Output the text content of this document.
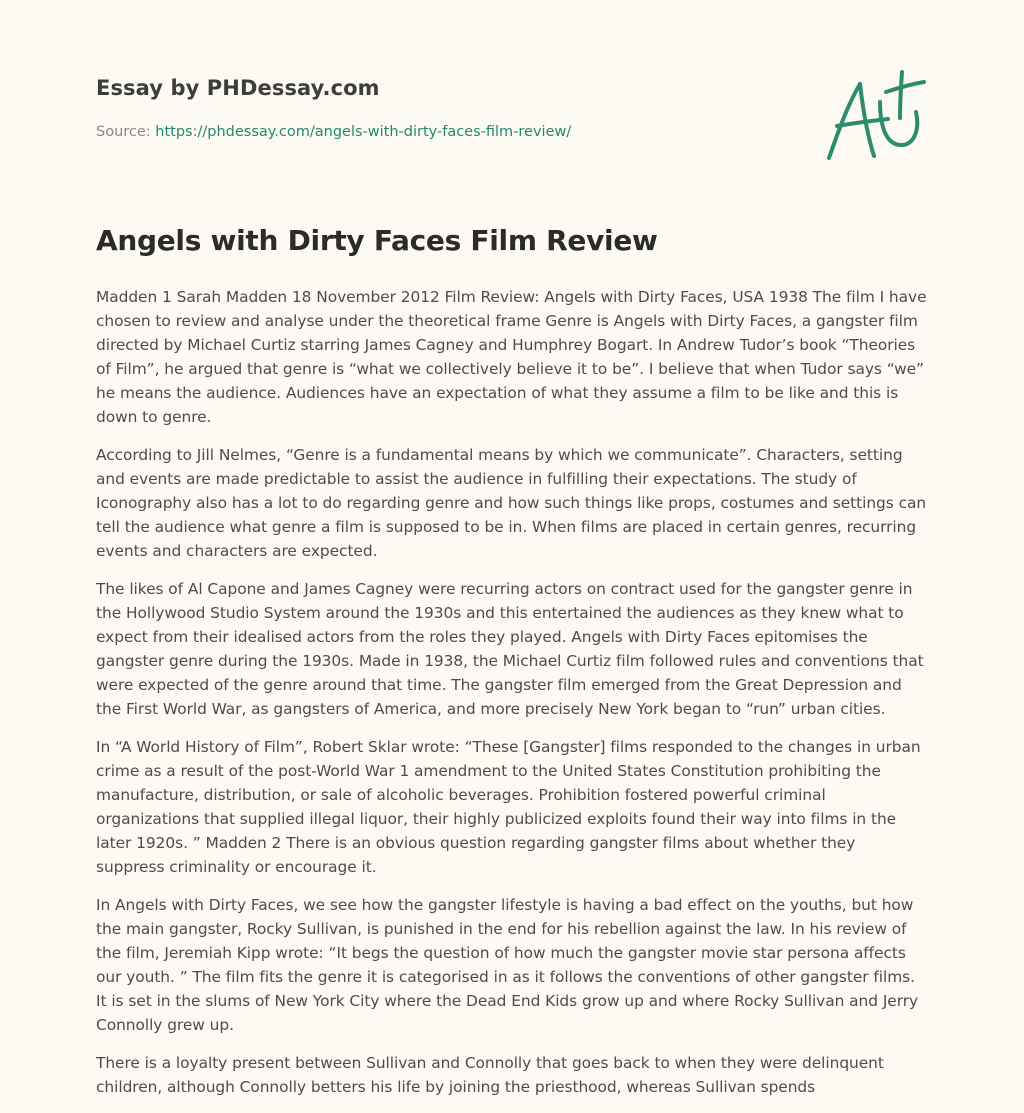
Essay by PHDessay.com
Source: https://phdessay.com/angels-with-dirty-faces-film-review/
Angels with Dirty Faces Film Review

Madden 1 Sarah Madden 18 November 2012 Film Review: Angels with Dirty Faces, USA 1938 The film I have chosen to review and analyse under the theoretical frame Genre is Angels with Dirty Faces, a gangster film directed by Michael Curtiz starring James Cagney and Humphrey Bogart. In Andrew Tudor’s book “Theories of Film”, he argued that genre is “what we collectively believe it to be”. I believe that when Tudor says “we” he means the audience. Audiences have an expectation of what they assume a film to be like and this is down to genre.

According to Jill Nelmes, “Genre is a fundamental means by which we communicate”. Characters, setting and events are made predictable to assist the audience in fulfilling their expectations. The study of Iconography also has a lot to do regarding genre and how such things like props, costumes and settings can tell the audience what genre a film is supposed to be in. When films are placed in certain genres, recurring events and characters are expected.

The likes of Al Capone and James Cagney were recurring actors on contract used for the gangster genre in the Hollywood Studio System around the 1930s and this entertained the audiences as they knew what to expect from their idealised actors from the roles they played. Angels with Dirty Faces epitomises the gangster genre during the 1930s. Made in 1938, the Michael Curtiz film followed rules and conventions that were expected of the genre around that time. The gangster film emerged from the Great Depression and the First World War, as gangsters of America, and more precisely New York began to “run” urban cities.

In “A World History of Film”, Robert Sklar wrote: “These [Gangster] films responded to the changes in urban crime as a result of the post-World War 1 amendment to the United States Constitution prohibiting the manufacture, distribution, or sale of alcoholic beverages. Prohibition fostered powerful criminal organizations that supplied illegal liquor, their highly publicized exploits found their way into films in the later 1920s. ” Madden 2 There is an obvious question regarding gangster films about whether they suppress criminality or encourage it.

In Angels with Dirty Faces, we see how the gangster lifestyle is having a bad effect on the youths, but how the main gangster, Rocky Sullivan, is punished in the end for his rebellion against the law. In his review of the film, Jeremiah Kipp wrote: “It begs the question of how much the gangster movie star persona affects our youth. ” The film fits the genre it is categorised in as it follows the conventions of other gangster films. It is set in the slums of New York City where the Dead End Kids grow up and where Rocky Sullivan and Jerry Connolly grew up.

There is a loyalty present between Sullivan and Connolly that goes back to when they were delinquent children, although Connolly betters his life by joining the priesthood, whereas Sullivan spends
